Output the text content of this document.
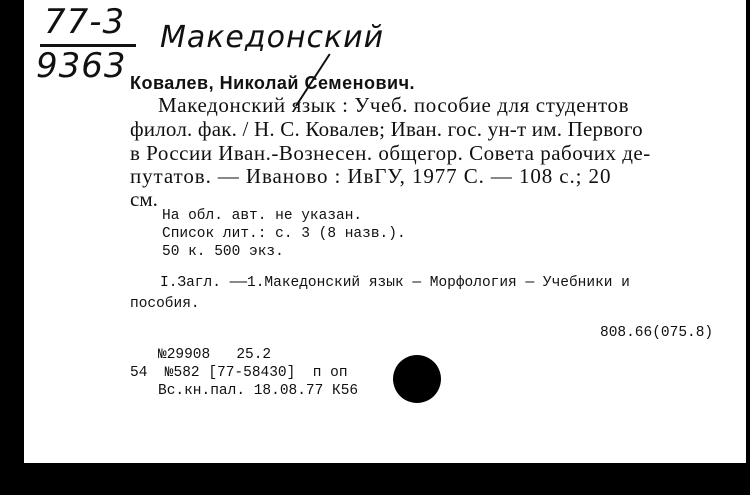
77-3
9363
Македонский
Ковалев, Николай Семенович.
Македонский язык : Учеб. пособие для студентов
филол. фак. / Н. С. Ковалев; Иван. гос. ун-т им. Первого
в России Иван.-Вознесен. общегор. Совета рабочих де-
путатов. — Иваново : ИвГУ, 1977 С. — 108 с.; 20
см.
На обл. авт. не указан.
Список лит.: с. 3 (8 назв.).
50 к. 500 экз.
I.Загл. ——1.Македонский язык — Морфология — Учебники и
пособия.
808.66(075.8)
№29908   25.2
54  №582 [77-58430]  п оп
Вс.кн.пал. 18.08.77 К56
